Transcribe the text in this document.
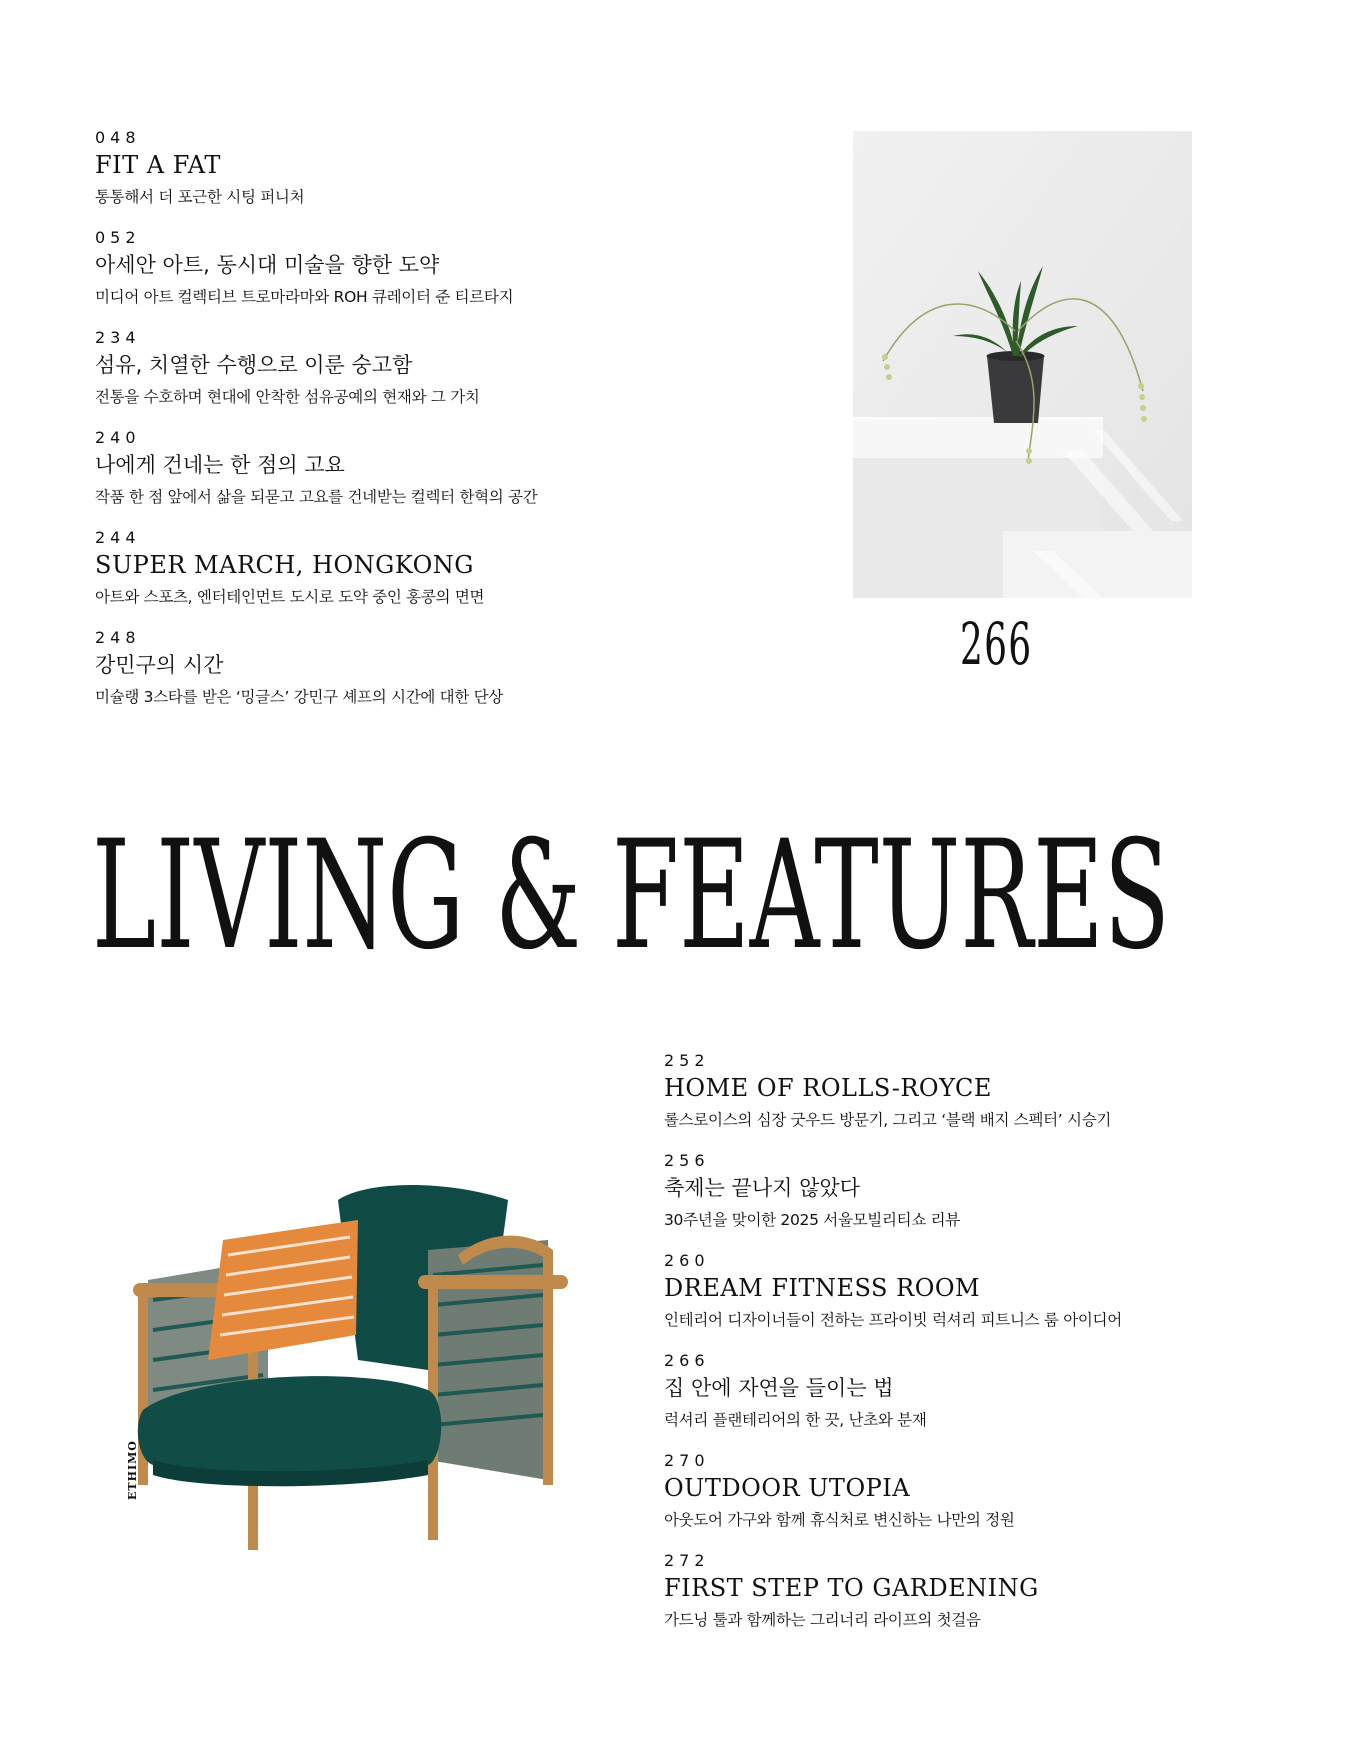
048
FIT A FAT
통통해서 더 포근한 시팅 퍼니처
052
아세안 아트, 동시대 미술을 향한 도약
미디어 아트 컬렉티브 트로마라마와 ROH 큐레이터 준 티르타지
234
섬유, 치열한 수행으로 이룬 숭고함
전통을 수호하며 현대에 안착한 섬유공예의 현재와 그 가치
240
나에게 건네는 한 점의 고요
작품 한 점 앞에서 삶을 되묻고 고요를 건네받는 컬렉터 한혁의 공간
244
SUPER MARCH, HONGKONG
아트와 스포츠, 엔터테인먼트 도시로 도약 중인 홍콩의 면면
248
강민구의 시간
미슐랭 3스타를 받은 ‘밍글스’ 강민구 셰프의 시간에 대한 단상
266
LIVING & FEATURES
ETHIMO
252
HOME OF ROLLS-ROYCE
롤스로이스의 심장 굿우드 방문기, 그리고 ‘블랙 배지 스펙터’ 시승기
256
축제는 끝나지 않았다
30주년을 맞이한 2025 서울모빌리티쇼 리뷰
260
DREAM FITNESS ROOM
인테리어 디자이너들이 전하는 프라이빗 럭셔리 피트니스 룸 아이디어
266
집 안에 자연을 들이는 법
럭셔리 플랜테리어의 한 끗, 난초와 분재
270
OUTDOOR UTOPIA
아웃도어 가구와 함께 휴식처로 변신하는 나만의 정원
272
FIRST STEP TO GARDENING
가드닝 툴과 함께하는 그리너리 라이프의 첫걸음
